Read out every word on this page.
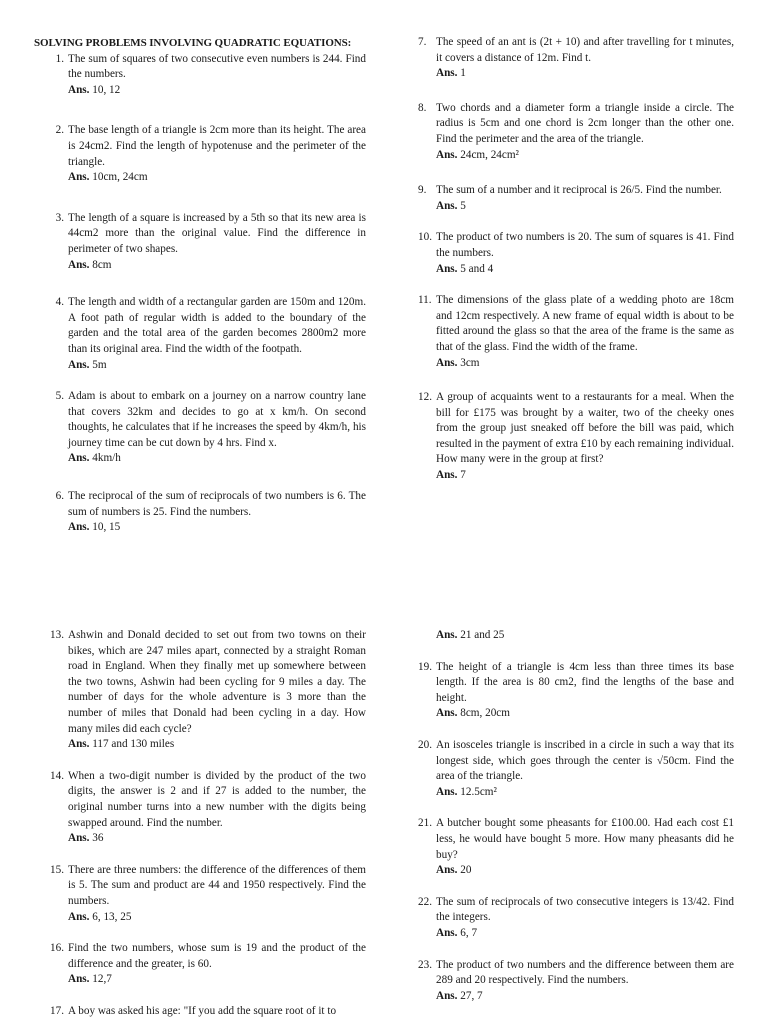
SOLVING PROBLEMS INVOLVING QUADRATIC EQUATIONS:
1. The sum of squares of two consecutive even numbers is 244. Find the numbers.
Ans. 10, 12
2. The base length of a triangle is 2cm more than its height. The area is 24cm2. Find the length of hypotenuse and the perimeter of the triangle.
Ans. 10cm, 24cm
3. The length of a square is increased by a 5th so that its new area is 44cm2 more than the original value. Find the difference in perimeter of two shapes.
Ans. 8cm
4. The length and width of a rectangular garden are 150m and 120m. A foot path of regular width is added to the boundary of the garden and the total area of the garden becomes 2800m2 more than its original area. Find the width of the footpath.
Ans. 5m
5. Adam is about to embark on a journey on a narrow country lane that covers 32km and decides to go at x km/h. On second thoughts, he calculates that if he increases the speed by 4km/h, his journey time can be cut down by 4 hrs. Find x.
Ans. 4km/h
6. The reciprocal of the sum of reciprocals of two numbers is 6. The sum of numbers is 25. Find the numbers.
Ans. 10, 15
7. The speed of an ant is (2t + 10) and after travelling for t minutes, it covers a distance of 12m. Find t.
Ans. 1
8. Two chords and a diameter form a triangle inside a circle. The radius is 5cm and one chord is 2cm longer than the other one. Find the perimeter and the area of the triangle.
Ans. 24cm, 24cm²
9. The sum of a number and it reciprocal is 26/5. Find the number.
Ans. 5
10. The product of two numbers is 20. The sum of squares is 41. Find the numbers.
Ans. 5 and 4
11. The dimensions of the glass plate of a wedding photo are 18cm and 12cm respectively. A new frame of equal width is about to be fitted around the glass so that the area of the frame is the same as that of the glass. Find the width of the frame.
Ans. 3cm
12. A group of acquaints went to a restaurants for a meal. When the bill for £175 was brought by a waiter, two of the cheeky ones from the group just sneaked off before the bill was paid, which resulted in the payment of extra £10 by each remaining individual. How many were in the group at first?
Ans. 7
13. Ashwin and Donald decided to set out from two towns on their bikes, which are 247 miles apart, connected by a straight Roman road in England. When they finally met up somewhere between the two towns, Ashwin had been cycling for 9 miles a day. The number of days for the whole adventure is 3 more than the number of miles that Donald had been cycling in a day. How many miles did each cycle?
Ans. 117 and 130 miles
14. When a two-digit number is divided by the product of the two digits, the answer is 2 and if 27 is added to the number, the original number turns into a new number with the digits being swapped around. Find the number.
Ans. 36
15. There are three numbers: the difference of the differences of them is 5. The sum and product are 44 and 1950 respectively. Find the numbers.
Ans. 6, 13, 25
16. Find the two numbers, whose sum is 19 and the product of the difference and the greater, is 60.
Ans. 12,7
17. A boy was asked his age: "If you add the square root of it to
Ans. 21 and 25
19. The height of a triangle is 4cm less than three times its base length. If the area is 80 cm2, find the lengths of the base and height.
Ans. 8cm, 20cm
20. An isosceles triangle is inscribed in a circle in such a way that its longest side, which goes through the center is √50cm. Find the area of the triangle.
Ans. 12.5cm²
21. A butcher bought some pheasants for £100.00. Had each cost £1 less, he would have bought 5 more. How many pheasants did he buy?
Ans. 20
22. The sum of reciprocals of two consecutive integers is 13/42. Find the integers.
Ans. 6, 7
23. The product of two numbers and the difference between them are 289 and 20 respectively. Find the numbers.
Ans. 27, 7
